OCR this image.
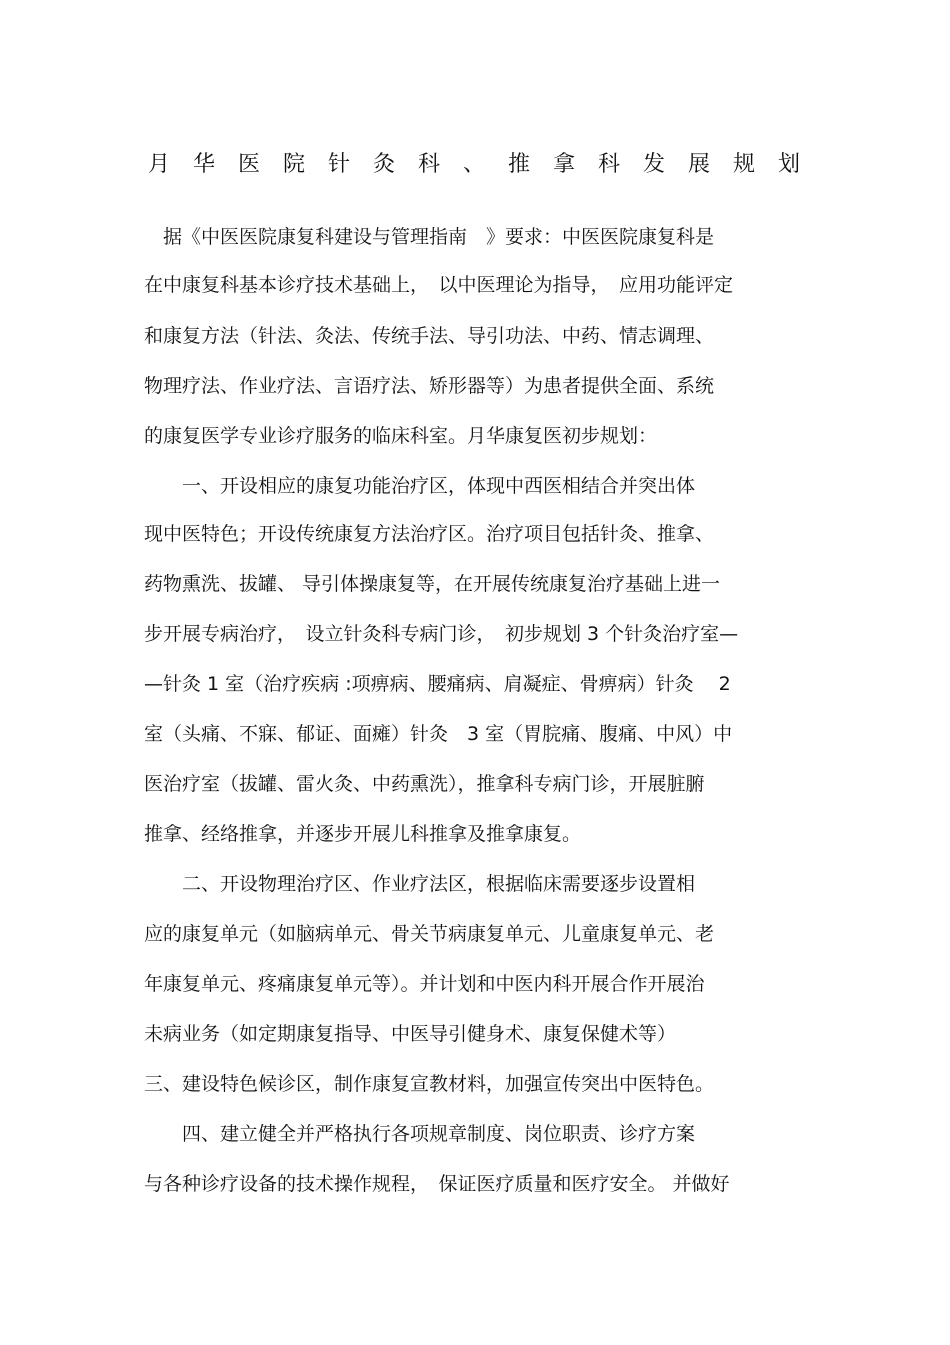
月华医院针灸科、推拿科发展规划
　据《中医医院康复科建设与管理指南　》要求：中医医院康复科是
在中康复科基本诊疗技术基础上，　以中医理论为指导，　应用功能评定
和康复方法（针法、灸法、传统手法、导引功法、中药、情志调理、
物理疗法、作业疗法、言语疗法、矫形器等）为患者提供全面、系统
的康复医学专业诊疗服务的临床科室。月华康复医初步规划：
　　一、开设相应的康复功能治疗区，体现中西医相结合并突出体
现中医特色；开设传统康复方法治疗区。治疗项目包括针灸、推拿、
药物熏洗、拔罐、 导引体操康复等，在开展传统康复治疗基础上进一
步开展专病治疗，　设立针灸科专病门诊，　初步规划 3 个针灸治疗室—
—针灸 1 室（治疗疾病 :项痹病、腰痛病、肩凝症、骨痹病）针灸　 2
室（头痛、不寐、郁证、面瘫）针灸　3 室（胃脘痛、腹痛、中风）中
医治疗室（拔罐、雷火灸、中药熏洗），推拿科专病门诊，开展脏腑
推拿、经络推拿，并逐步开展儿科推拿及推拿康复。
　　二、开设物理治疗区、作业疗法区，根据临床需要逐步设置相
应的康复单元（如脑病单元、骨关节病康复单元、儿童康复单元、老
年康复单元、疼痛康复单元等）。并计划和中医内科开展合作开展治
未病业务（如定期康复指导、中医导引健身术、康复保健术等）
三、建设特色候诊区，制作康复宣教材料，加强宣传突出中医特色。
　　四、建立健全并严格执行各项规章制度、岗位职责、诊疗方案
与各种诊疗设备的技术操作规程，　保证医疗质量和医疗安全。 并做好
